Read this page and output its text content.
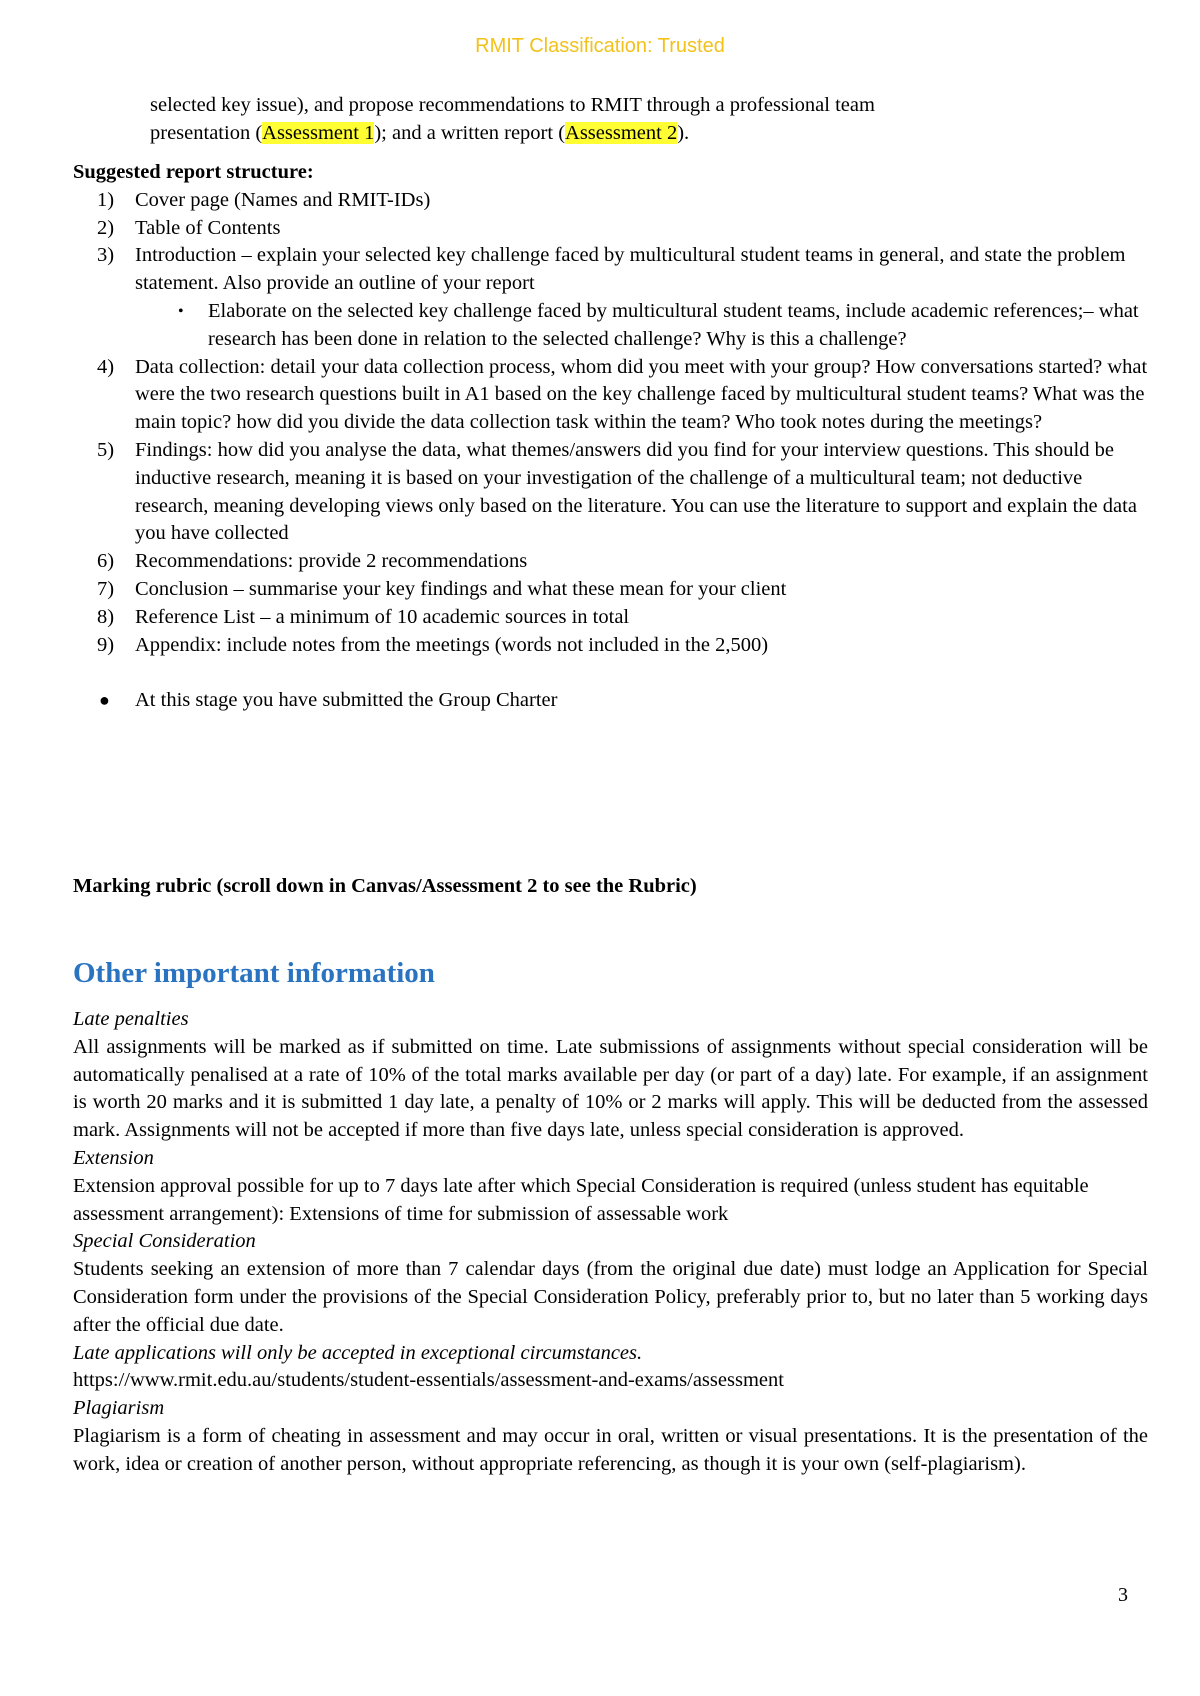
RMIT Classification: Trusted

selected key issue), and propose recommendations to RMIT through a professional team

presentation (Assessment 1); and a written report (Assessment 2).

Suggested report structure:
1) Cover page (Names and RMIT-IDs)
2) Table of Contents
3) Introduction – explain your selected key challenge faced by multicultural student teams in general, and state the problem statement. Also provide an outline of your report
• Elaborate on the selected key challenge faced by multicultural student teams, include academic references;– what research has been done in relation to the selected challenge? Why is this a challenge?
4) Data collection: detail your data collection process, whom did you meet with your group? How conversations started? what were the two research questions built in A1 based on the key challenge faced by multicultural student teams? What was the main topic? how did you divide the data collection task within the team? Who took notes during the meetings?
5) Findings: how did you analyse the data, what themes/answers did you find for your interview questions. This should be inductive research, meaning it is based on your investigation of the challenge of a multicultural team; not deductive research, meaning developing views only based on the literature. You can use the literature to support and explain the data you have collected
6) Recommendations: provide 2 recommendations
7) Conclusion – summarise your key findings and what these mean for your client
8) Reference List – a minimum of 10 academic sources in total
9) Appendix: include notes from the meetings (words not included in the 2,500)
● At this stage you have submitted the Group Charter
Marking rubric (scroll down in Canvas/Assessment 2 to see the Rubric)
Other important information

Late penalties

All assignments will be marked as if submitted on time. Late submissions of assignments without special consideration will be automatically penalised at a rate of 10% of the total marks available per day (or part of a day) late. For example, if an assignment is worth 20 marks and it is submitted 1 day late, a penalty of 10% or 2 marks will apply. This will be deducted from the assessed mark. Assignments will not be accepted if more than five days late, unless special consideration is approved.

Extension

Extension approval possible for up to 7 days late after which Special Consideration is required (unless student has equitable assessment arrangement): Extensions of time for submission of assessable work

Special Consideration

Students seeking an extension of more than 7 calendar days (from the original due date) must lodge an Application for Special Consideration form under the provisions of the Special Consideration Policy, preferably prior to, but no later than 5 working days after the official due date.

Late applications will only be accepted in exceptional circumstances.

https://www.rmit.edu.au/students/student-essentials/assessment-and-exams/assessment

Plagiarism

Plagiarism is a form of cheating in assessment and may occur in oral, written or visual presentations. It is the presentation of the work, idea or creation of another person, without appropriate referencing, as though it is your own (self-plagiarism).

3
